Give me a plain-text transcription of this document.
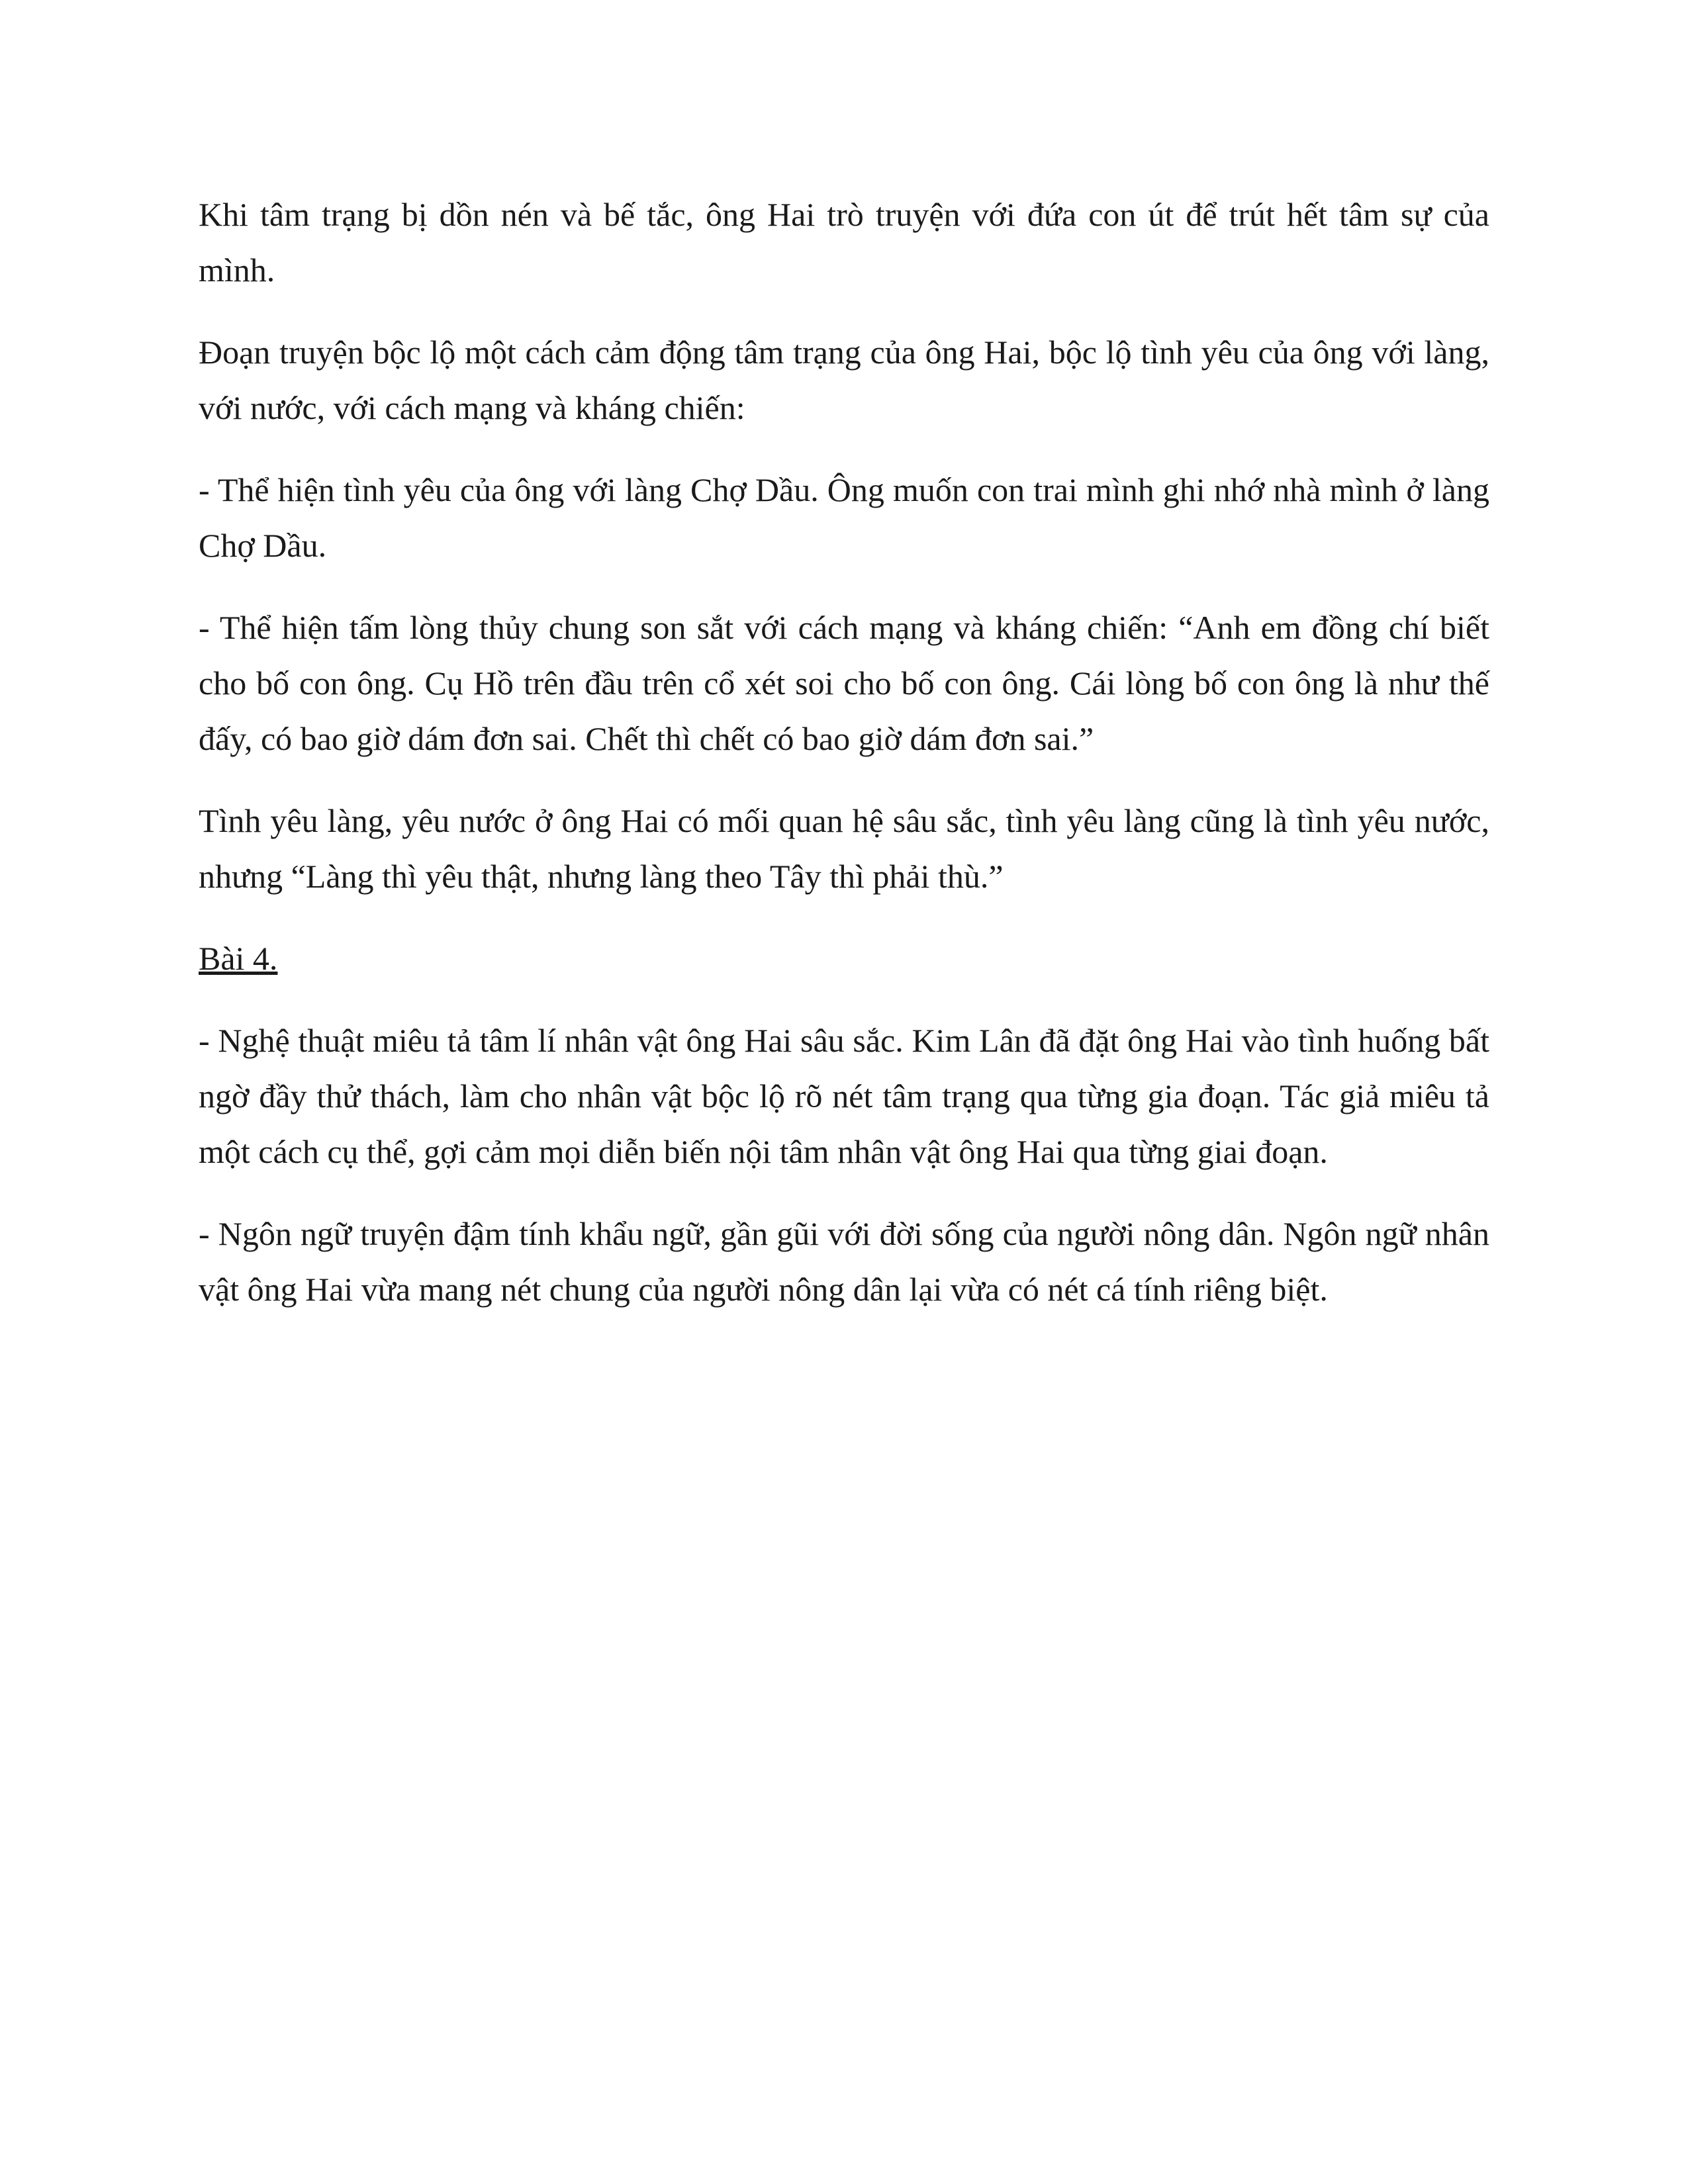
Khi tâm trạng bị dồn nén và bế tắc, ông Hai trò truyện với đứa con út để trút hết tâm sự của mình.

Đoạn truyện bộc lộ một cách cảm động tâm trạng của ông Hai, bộc lộ tình yêu của ông với làng, với nước, với cách mạng và kháng chiến:

- Thể hiện tình yêu của ông với làng Chợ Dầu. Ông muốn con trai mình ghi nhớ nhà mình ở làng Chợ Dầu.

- Thể hiện tấm lòng thủy chung son sắt với cách mạng và kháng chiến: “Anh em đồng chí biết cho bố con ông. Cụ Hồ trên đầu trên cổ xét soi cho bố con ông. Cái lòng bố con ông là như thế đấy, có bao giờ dám đơn sai. Chết thì chết có bao giờ dám đơn sai.”

Tình yêu làng, yêu nước ở ông Hai có mối quan hệ sâu sắc, tình yêu làng cũng là tình yêu nước, nhưng “Làng thì yêu thật, nhưng làng theo Tây thì phải thù.”

Bài 4.

- Nghệ thuật miêu tả tâm lí nhân vật ông Hai sâu sắc. Kim Lân đã đặt ông Hai vào tình huống bất ngờ đầy thử thách, làm cho nhân vật bộc lộ rõ nét tâm trạng qua từng gia đoạn. Tác giả miêu tả một cách cụ thể, gợi cảm mọi diễn biến nội tâm nhân vật ông Hai qua từng giai đoạn.

- Ngôn ngữ truyện đậm tính khẩu ngữ, gần gũi với đời sống của người nông dân. Ngôn ngữ nhân vật ông Hai vừa mang nét chung của người nông dân lại vừa có nét cá tính riêng biệt.
